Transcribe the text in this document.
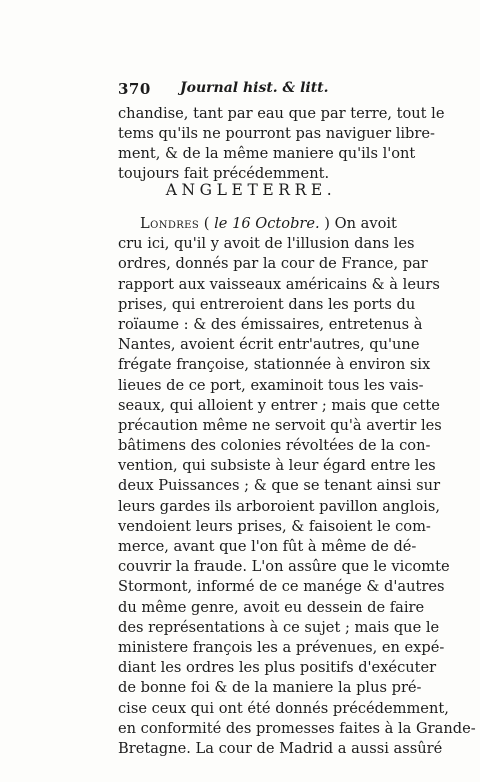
370 Journal hist. & litt.
chandise, tant par eau que par terre, tout le
tems qu'ils ne pourront pas naviguer libre-
ment, & de la même maniere qu'ils l'ont
toujours fait précédemment.
ANGLETERRE.
Londres ( le 16 Octobre. ) On avoit
cru ici, qu'il y avoit de l'illusion dans les
ordres, donnés par la cour de France, par
rapport aux vaisseaux américains & à leurs
prises, qui entreroient dans les ports du
roïaume : & des émissaires, entretenus à
Nantes, avoient écrit entr'autres, qu'une
frégate françoise, stationnée à environ six
lieues de ce port, examinoit tous les vais-
seaux, qui alloient y entrer ; mais que cette
précaution même ne servoit qu'à avertir les
bâtimens des colonies révoltées de la con-
vention, qui subsiste à leur égard entre les
deux Puissances ; & que se tenant ainsi sur
leurs gardes ils arboroient pavillon anglois,
vendoient leurs prises, & faisoient le com-
merce, avant que l'on fût à même de dé-
couvrir la fraude. L'on assûre que le vicomte
Stormont, informé de ce manége & d'autres
du même genre, avoit eu dessein de faire
des représentations à ce sujet ; mais que le
ministere françois les a prévenues, en expé-
diant les ordres les plus positifs d'exécuter
de bonne foi & de la maniere la plus pré-
cise ceux qui ont été donnés précédemment,
en conformité des promesses faites à la Grande-
Bretagne. La cour de Madrid a aussi assûré
